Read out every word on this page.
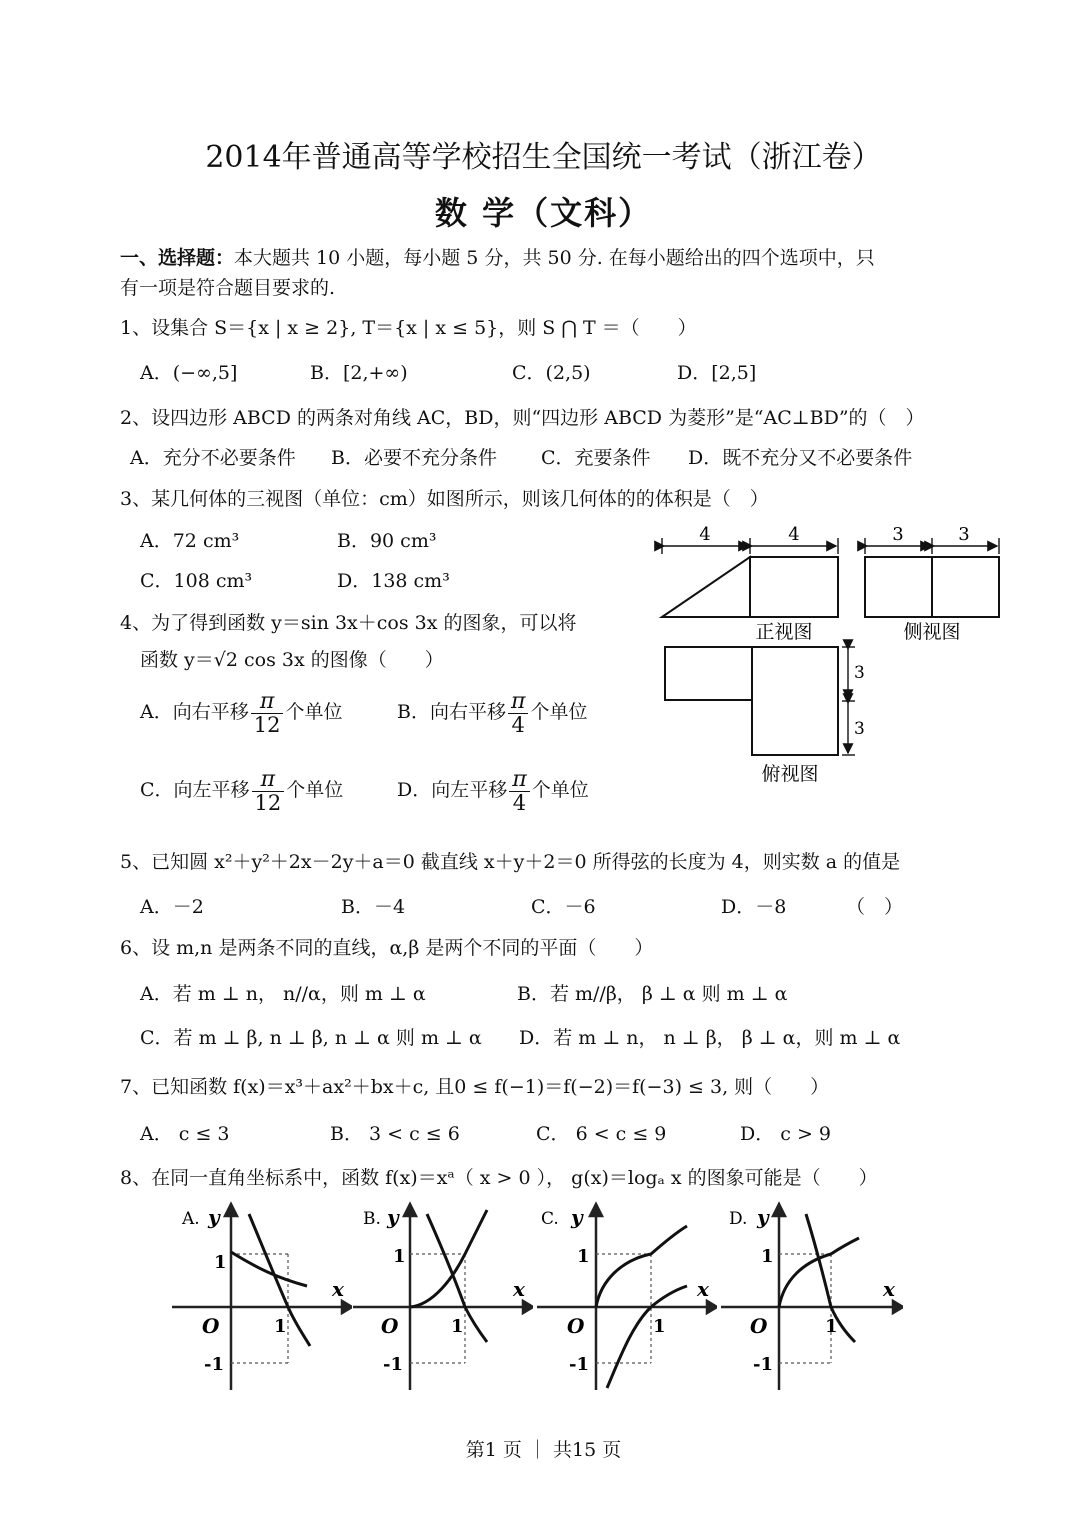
2014年普通高等学校招生全国统一考试（浙江卷）
数 学（文科）
一、选择题：本大题共 10 小题，每小题 5 分，共 50 分. 在每小题给出的四个选项中，只
有一项是符合题目要求的.
1、设集合 S＝{x | x ≥ 2}, T＝{x | x ≤ 5}，则 S ⋂ T ＝（　　）
A．(−∞,5]	B．[2,+∞)	C．(2,5)	D．[2,5]
2、设四边形 ABCD 的两条对角线 AC，BD，则“四边形 ABCD 为菱形”是“AC⊥BD”的（　）
A．充分不必要条件 B．必要不充分条件 C．充要条件 D．既不充分又不必要条件
3、某几何体的三视图（单位：cm）如图所示，则该几何体的的体积是（　）
A．72 cm³	B．90 cm³
C．108 cm³	D．138 cm³
4	4	3	3
3
3
正视图	侧视图
俯视图
4、为了得到函数 y＝sin 3x＋cos 3x 的图象，可以将
函数 y＝√2 cos 3x 的图像（　　）
A．向右平移 $\frac{\pi}{12}$ 个单位	B．向右平移 $\frac{\pi}{4}$ 个单位
C．向左平移 $\frac{\pi}{12}$ 个单位	D．向左平移 $\frac{\pi}{4}$ 个单位
5、已知圆 x²＋y²＋2x－2y＋a＝0 截直线 x＋y＋2＝0 所得弦的长度为 4，则实数 a 的值是
A．－2	B．－4	C．－6	D．－8	（　）
6、设 m,n 是两条不同的直线，α,β 是两个不同的平面（　　）
A．若 m ⊥ n， n//α，则 m ⊥ α	B．若 m//β， β ⊥ α 则 m ⊥ α
C．若 m ⊥ β, n ⊥ β, n ⊥ α 则 m ⊥ α D．若 m ⊥ n， n ⊥ β， β ⊥ α，则 m ⊥ α
7、已知函数 f(x)＝x³＋ax²＋bx＋c, 且0 ≤ f(−1)＝f(−2)＝f(−3) ≤ 3, 则（　　）
A． c ≤ 3	B． 3 < c ≤ 6	C． 6 < c ≤ 9	D． c > 9
8、在同一直角坐标系中，函数 f(x)＝xᵃ（ x > 0 ）， g(x)＝logₐ x 的图象可能是（　　）
A. y
x
O
1
1
-1
B. y
x
O
1
1
-1
C. y
x
O
1
1
-1
D. y
x
O
1
1
-1
第1 页 ｜ 共15 页
